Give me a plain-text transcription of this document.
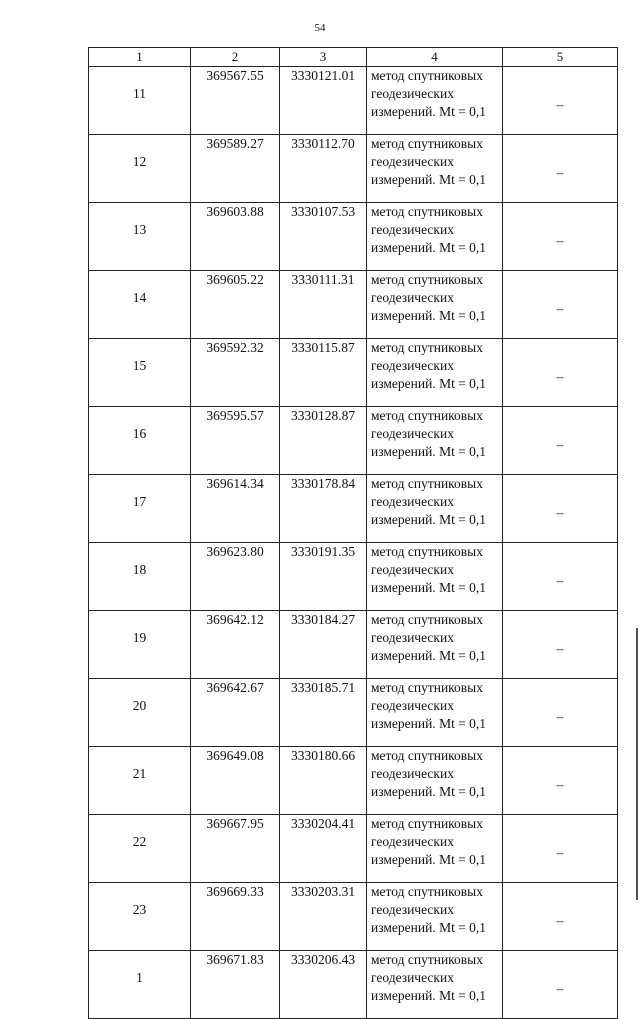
54
1	2	3	4	5
11	369567.55	3330121.01	метод спутниковых
геодезических
измерений. Mt = 0,1	–
12	369589.27	3330112.70	метод спутниковых
геодезических
измерений. Mt = 0,1	–
13	369603.88	3330107.53	метод спутниковых
геодезических
измерений. Mt = 0,1	–
14	369605.22	3330111.31	метод спутниковых
геодезических
измерений. Mt = 0,1	–
15	369592.32	3330115.87	метод спутниковых
геодезических
измерений. Mt = 0,1	–
16	369595.57	3330128.87	метод спутниковых
геодезических
измерений. Mt = 0,1	–
17	369614.34	3330178.84	метод спутниковых
геодезических
измерений. Mt = 0,1	–
18	369623.80	3330191.35	метод спутниковых
геодезических
измерений. Mt = 0,1	–
19	369642.12	3330184.27	метод спутниковых
геодезических
измерений. Mt = 0,1	–
20	369642.67	3330185.71	метод спутниковых
геодезических
измерений. Mt = 0,1	–
21	369649.08	3330180.66	метод спутниковых
геодезических
измерений. Mt = 0,1	–
22	369667.95	3330204.41	метод спутниковых
геодезических
измерений. Mt = 0,1	–
23	369669.33	3330203.31	метод спутниковых
геодезических
измерений. Mt = 0,1	–
1	369671.83	3330206.43	метод спутниковых
геодезических
измерений. Mt = 0,1	–
